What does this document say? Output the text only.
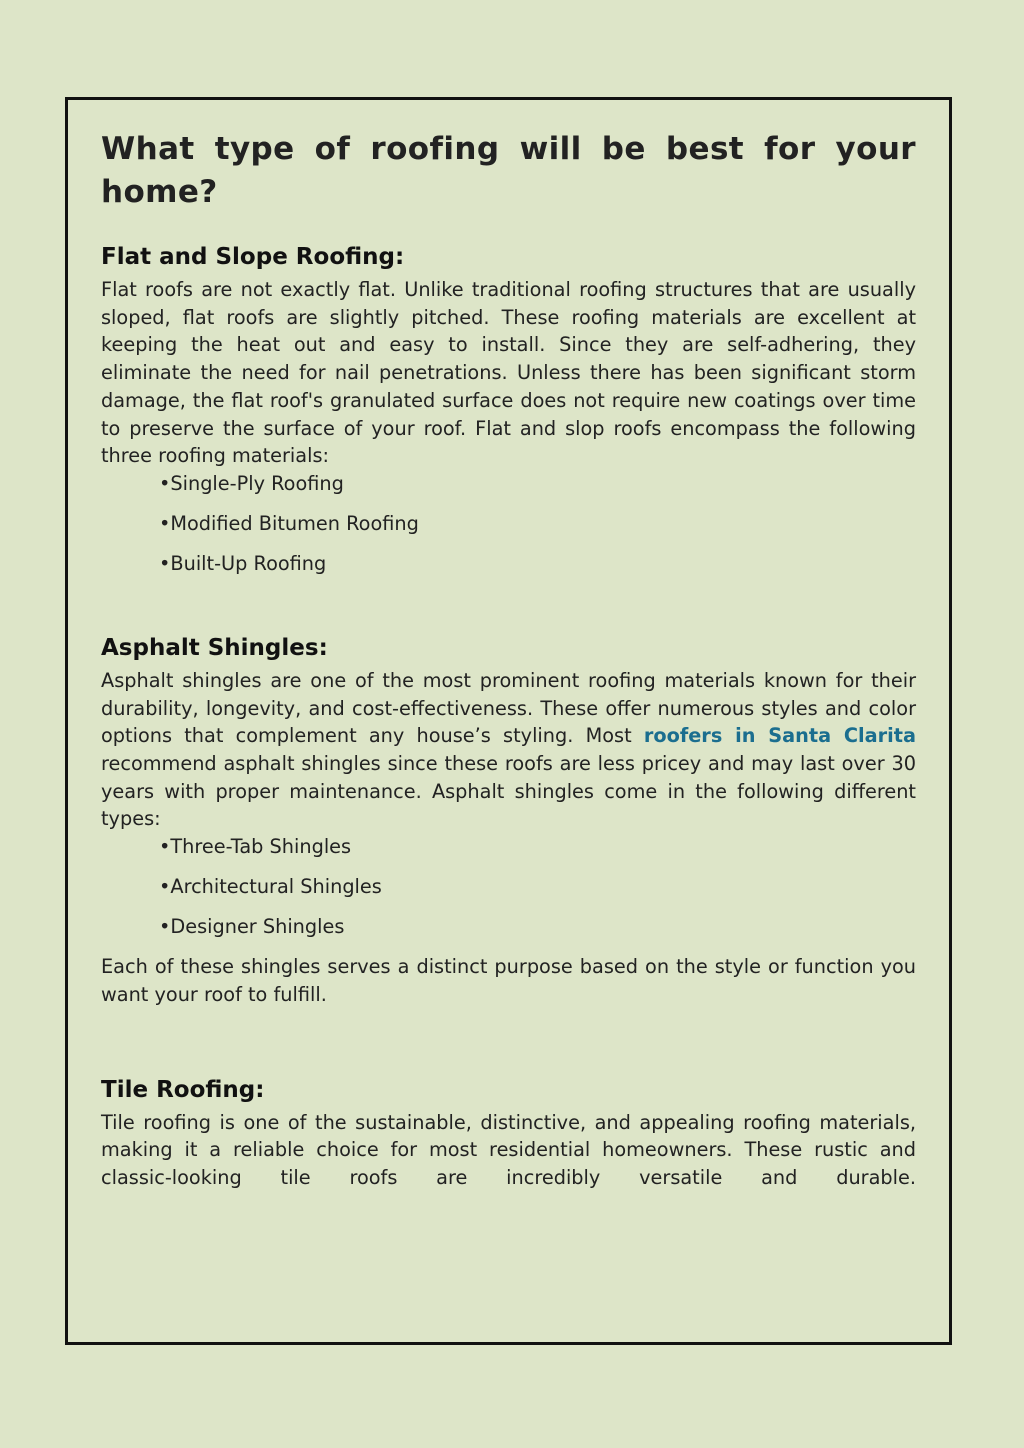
What type of roofing will be best for your home?
Flat and Slope Roofing:

Flat roofs are not exactly flat. Unlike traditional roofing structures that are usually sloped, flat roofs are slightly pitched. These roofing materials are excellent at keeping the heat out and easy to install. Since they are self-adhering, they eliminate the need for nail penetrations. Unless there has been significant storm damage, the flat roof's granulated surface does not require new coatings over time to preserve the surface of your roof. Flat and slop roofs encompass the following three roofing materials:

•Single-Ply Roofing
•Modified Bitumen Roofing
•Built-Up Roofing
Asphalt Shingles:

Asphalt shingles are one of the most prominent roofing materials known for their durability, longevity, and cost-effectiveness. These offer numerous styles and color options that complement any house’s styling. Most roofers in Santa Clarita recommend asphalt shingles since these roofs are less pricey and may last over 30 years with proper maintenance. Asphalt shingles come in the following different types:

•Three-Tab Shingles
•Architectural Shingles
•Designer Shingles

Each of these shingles serves a distinct purpose based on the style or function you want your roof to fulfill.

Tile Roofing:

Tile roofing is one of the sustainable, distinctive, and appealing roofing materials, making it a reliable choice for most residential homeowners. These rustic and classic-looking tile roofs are incredibly versatile and durable.
